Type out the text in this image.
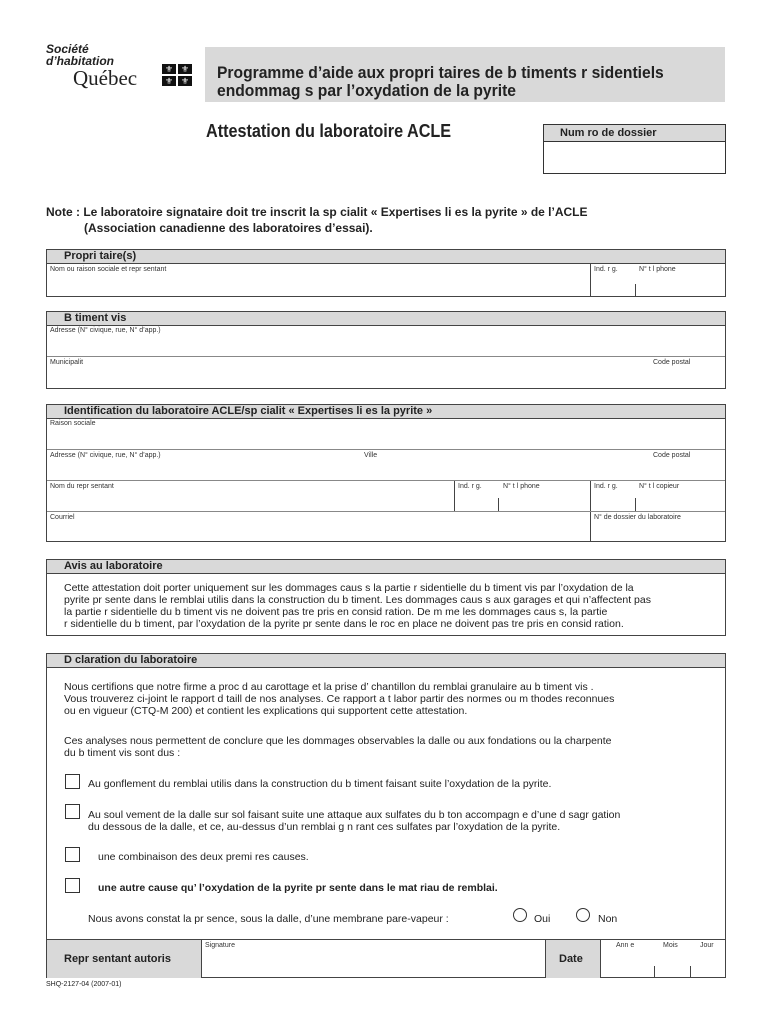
Société
d’habitation
Québec	⚜ ⚜
⚜ ⚜ Programme d’aide aux propri taires de b timents r sidentiels
endommag s par l’oxydation de la pyrite
Attestation du laboratoire ACLE	Num ro de dossier
Note : Le laboratoire signataire doit tre inscrit la sp cialit « Expertises li es la pyrite » de l’ACLE
(Association canadienne des laboratoires d’essai).
Propri taire(s)
Nom ou raison sociale et repr sentant	Ind. r g.	N° t l phone
B timent vis
Adresse (N° civique, rue, N° d’app.)
Municipalit	Code postal
Identification du laboratoire ACLE/sp cialit « Expertises li es la pyrite »
Raison sociale
Adresse (N° civique, rue, N° d’app.)	Ville	Code postal
Nom du repr sentant	Ind. r g.	N° t l phone	Ind. r g.	N° t l copieur
Courriel	N° de dossier du laboratoire
Avis au laboratoire
Cette attestation doit porter uniquement sur les dommages caus s la partie r sidentielle du b timent vis par l’oxydation de la
pyrite pr sente dans le remblai utilis dans la construction du b timent. Les dommages caus s aux garages et qui n’affectent pas
la partie r sidentielle du b timent vis ne doivent pas tre pris en consid ration. De m me les dommages caus s, la partie
r sidentielle du b timent, par l’oxydation de la pyrite pr sente dans le roc en place ne doivent pas tre pris en consid ration.
D claration du laboratoire
Nous certifions que notre firme a proc d au carottage et la prise d’ chantillon du remblai granulaire au b timent vis .
Vous trouverez ci-joint le rapport d taill de nos analyses. Ce rapport a t labor partir des normes ou m thodes reconnues
ou en vigueur (CTQ-M 200) et contient les explications qui supportent cette attestation.
Ces analyses nous permettent de conclure que les dommages observables la dalle ou aux fondations ou la charpente
du b timent vis sont dus :
Au gonflement du remblai utilis dans la construction du b timent faisant suite l’oxydation de la pyrite.
Au soul vement de la dalle sur sol faisant suite une attaque aux sulfates du b ton accompagn e d’une d sagr gation
du dessous de la dalle, et ce, au-dessus d’un remblai g n rant ces sulfates par l’oxydation de la pyrite.
une combinaison des deux premi res causes.
une autre cause qu’ l’oxydation de la pyrite pr sente dans le mat riau de remblai.
Nous avons constat la pr sence, sous la dalle, d’une membrane pare-vapeur :	Oui	Non
Repr sentant autoris
Signature
Date
Ann e	Mois	Jour
SHQ-2127-04 (2007-01)
